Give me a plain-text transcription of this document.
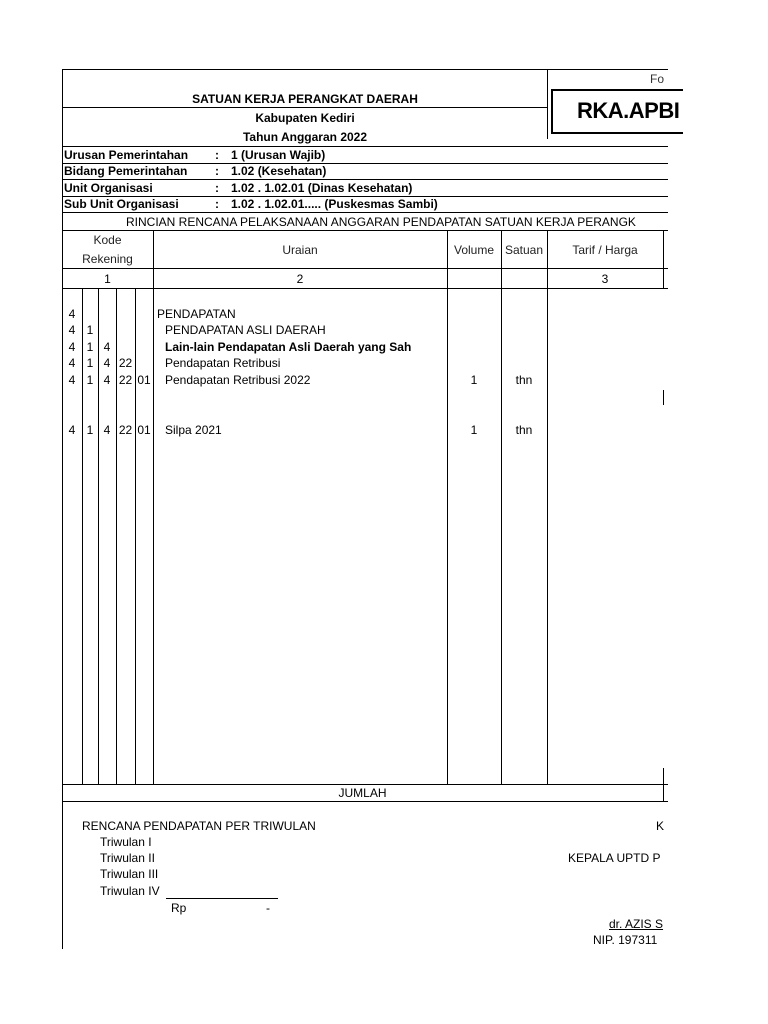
Fo
SATUAN KERJA PERANGKAT DAERAH
Kabupaten Kediri
Tahun Anggaran 2022
RKA.APBI
Urusan Pemerintahan : 1 (Urusan Wajib)
Bidang Pemerintahan : 1.02 (Kesehatan)
Unit Organisasi	: 1.02 . 1.02.01 (Dinas Kesehatan)
Sub Unit Organisasi	: 1.02 . 1.02.01..... (Puskesmas Sambi)
RINCIAN RENCANA PELAKSANAAN ANGGARAN PENDAPATAN SATUAN KERJA PERANGK
Kode
Rekening
Uraian	Volume Satuan	Tarif / Harga
1	2	3
4	PENDAPATAN
4 1	PENDAPATAN ASLI DAERAH
4 1 4	Lain-lain Pendapatan Asli Daerah yang Sah
4 1 4 22	Pendapatan Retribusi
4 1 4 22 01 Pendapatan Retribusi 2022	1	thn
4 1 4 22 01 Silpa 2021	1	thn
JUMLAH
RENCANA PENDAPATAN PER TRIWULAN
Triwulan I
Triwulan II
Triwulan III
Triwulan IV
Rp	-
K
KEPALA UPTD P
dr. AZIS S
NIP. 197311
